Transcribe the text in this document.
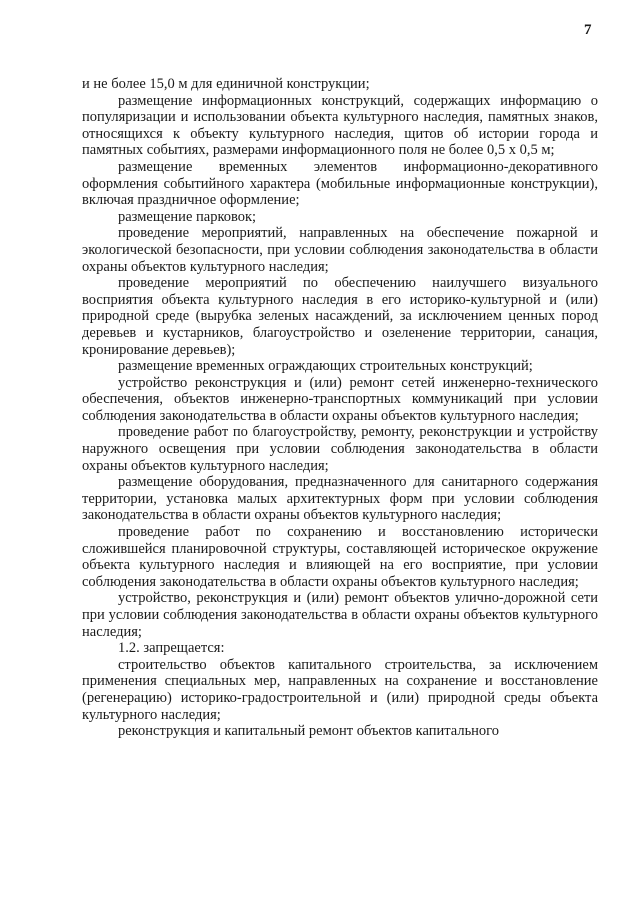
7

и не более 15,0 м для единичной конструкции;

размещение информационных конструкций, содержащих информацию о популяризации и использовании объекта культурного наследия, памятных знаков, относящихся к объекту культурного наследия, щитов об истории города и памятных событиях, размерами информационного поля не более 0,5 х 0,5 м;

размещение временных элементов информационно-декоративного оформления событийного характера (мобильные информационные конструкции), включая праздничное оформление;

размещение парковок;

проведение мероприятий, направленных на обеспечение пожарной и экологической безопасности, при условии соблюдения законодательства в области охраны объектов культурного наследия;

проведение мероприятий по обеспечению наилучшего визуального восприятия объекта культурного наследия в его историко-культурной и (или) природной среде (вырубка зеленых насаждений, за исключением ценных пород деревьев и кустарников, благоустройство и озеленение территории, санация, кронирование деревьев);

размещение временных ограждающих строительных конструкций;

устройство реконструкция и (или) ремонт сетей инженерно-технического обеспечения, объектов инженерно-транспортных коммуникаций при условии соблюдения законодательства в области охраны объектов культурного наследия;

проведение работ по благоустройству, ремонту, реконструкции и устройству наружного освещения при условии соблюдения законодательства в области охраны объектов культурного наследия;

размещение оборудования, предназначенного для санитарного содержания территории, установка малых архитектурных форм при условии соблюдения законодательства в области охраны объектов культурного наследия;

проведение работ по сохранению и восстановлению исторически сложившейся планировочной структуры, составляющей историческое окружение объекта культурного наследия и влияющей на его восприятие, при условии соблюдения законодательства в области охраны объектов культурного наследия;

устройство, реконструкция и (или) ремонт объектов улично-дорожной сети при условии соблюдения законодательства в области охраны объектов культурного наследия;

1.2. запрещается:

строительство объектов капитального строительства, за исключением применения специальных мер, направленных на сохранение и восстановление (регенерацию) историко-градостроительной и (или) природной среды объекта культурного наследия;

реконструкция и капитальный ремонт объектов капитального
